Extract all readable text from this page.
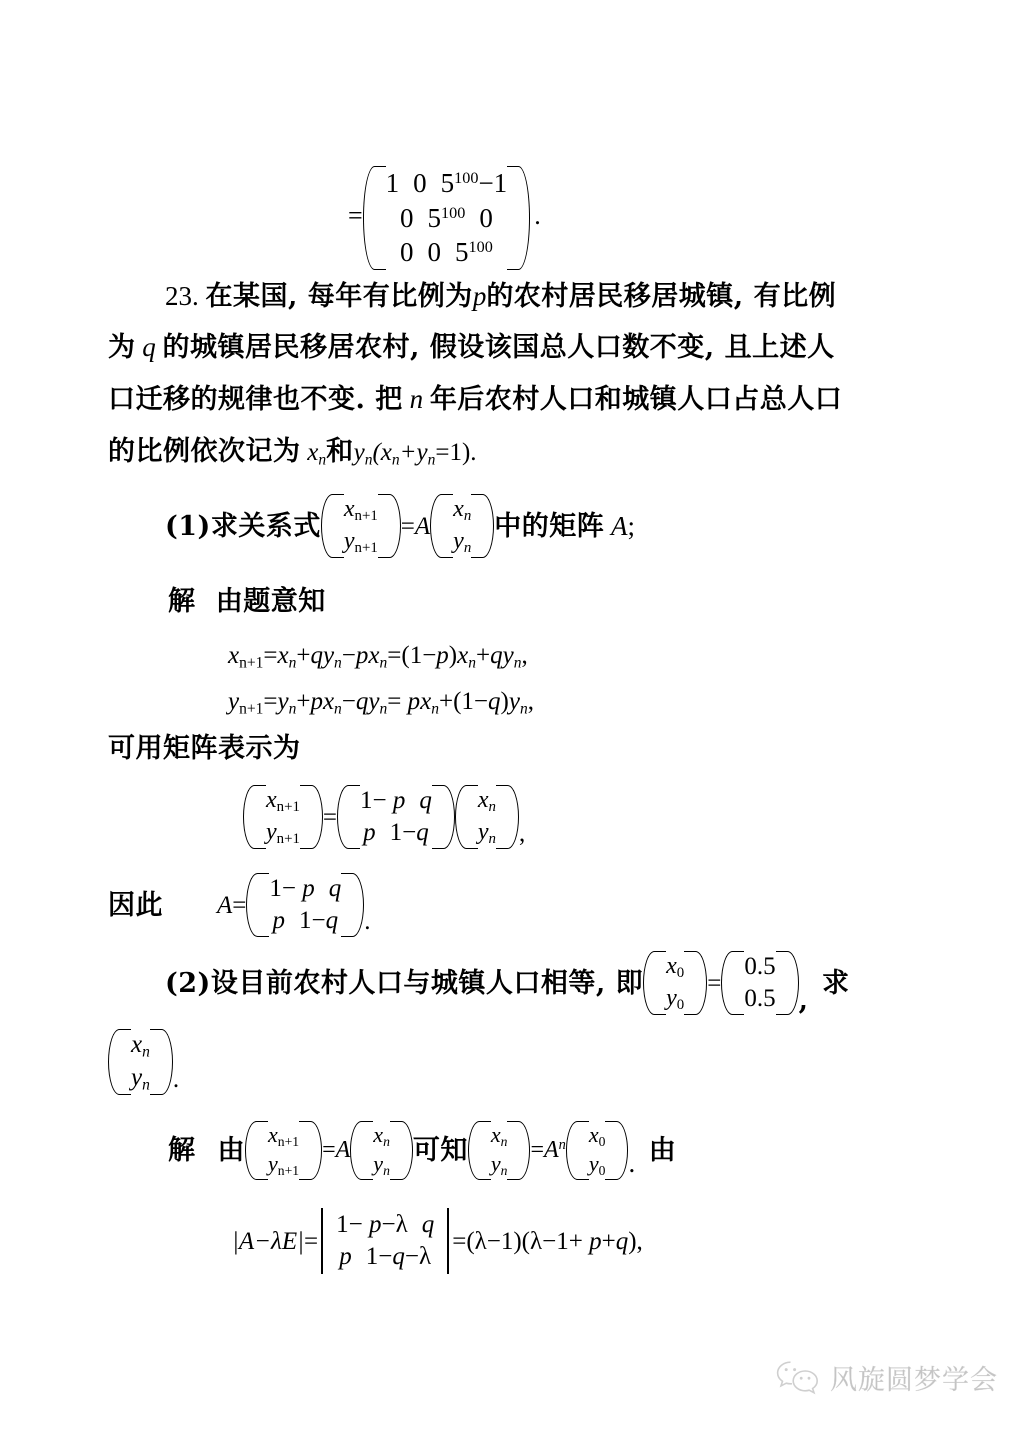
=
1 0 $5^{100}-1$
0 $5^{100}$ 0
0 0 $5^{100}$
.
23. 在某国, 每年有比例为p的农村居民移居城镇, 有比例
为 q 的城镇居民移居农村, 假设该国总人口数不变, 且上述人
口迁移的规律也不变. 把 n 年后农村人口和城镇人口占总人口
的比例依次记为 $x_n$和$y_n(x_n+y_n=1)$.
(1)求关系式
$x_{n+1}$
$y_{n+1}$
= A
$x_n$
$y_n$
中的矩阵
A ;
解 由题意知
$x_{n+1}=x_n+qy_n-px_n=(1-p)x_n+qy_n$,
$y_{n+1}=y_n+px_n-qy_n= px_n+(1-q)y_n$,
可用矩阵表示为
$x_{n+1}$
$y_{n+1}$
=
1− p q
p 1−q
$x_n$
$y_n$ ,
因此 A =
1− p q
p 1−q .
(2)设目前农村人口与城镇人口相等, 即
$x_0$
$y_0$
=
0.5
0.5 ,

求
$x_n$
$y_n$ .
解 由
$x_{n+1}$
$y_{n+1}$
= A
$x_n$
$y_n$
可知
$x_n$
$y_n$
= $A^n$	$x_0$
$y_0$ .
由
|A−λE| =
1− p−λ q
p 1−q−λ
= (λ−1)(λ−1+ p+q),
风旋圆梦学会
